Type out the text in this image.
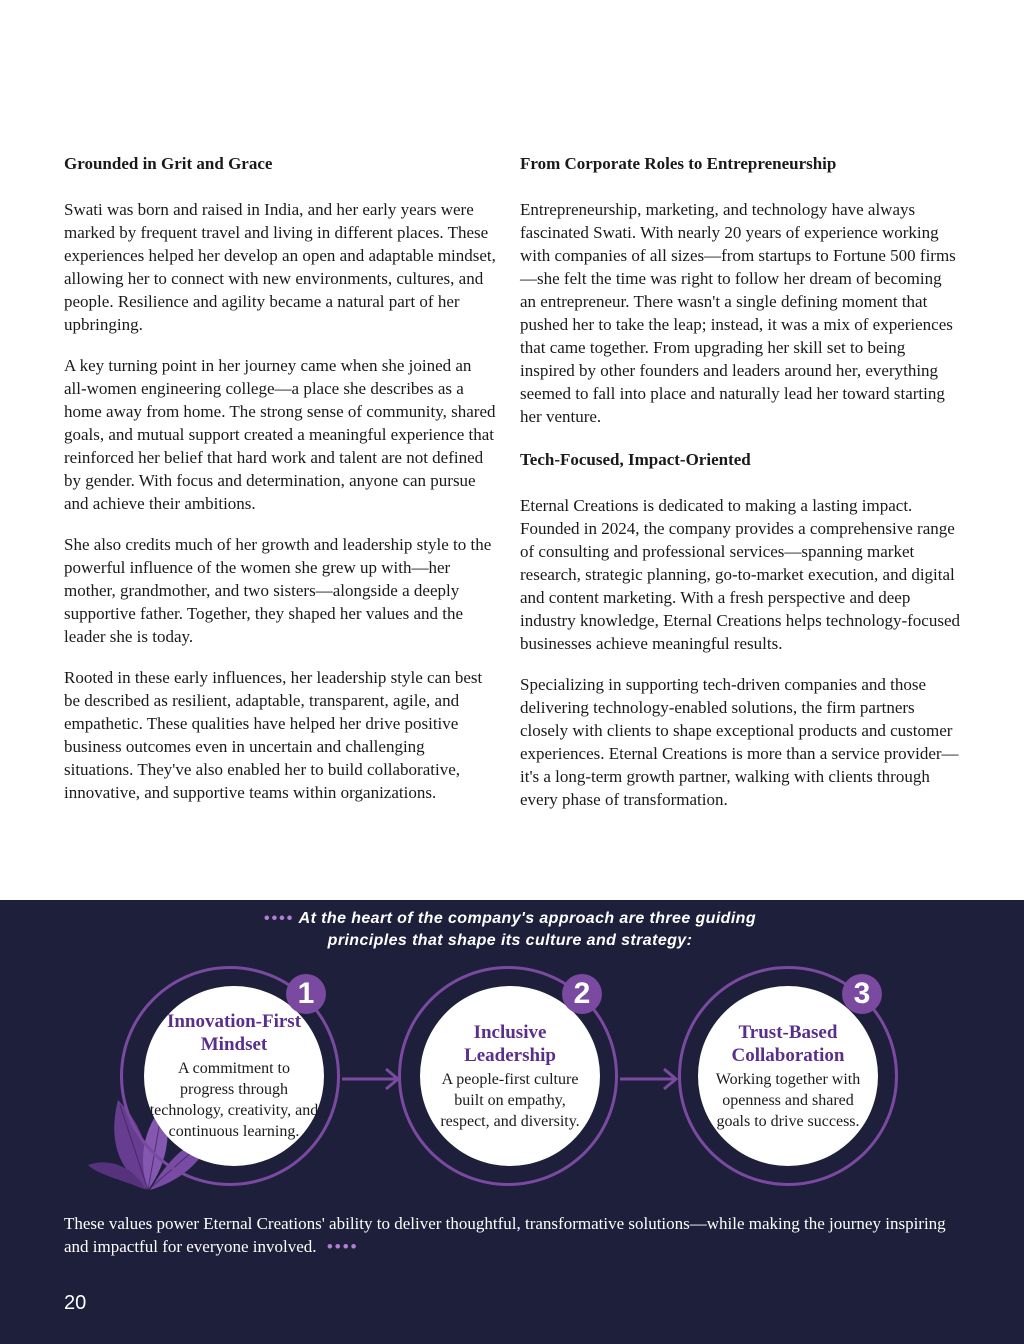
Grounded in Grit and Grace

Swati was born and raised in India, and her early years were marked by frequent travel and living in different places. These experiences helped her develop an open and adaptable mindset, allowing her to connect with new environments, cultures, and people. Resilience and agility became a natural part of her upbringing.

A key turning point in her journey came when she joined an all-women engineering college—a place she describes as a home away from home. The strong sense of community, shared goals, and mutual support created a meaningful experience that reinforced her belief that hard work and talent are not defined by gender. With focus and determination, anyone can pursue and achieve their ambitions.

She also credits much of her growth and leadership style to the powerful influence of the women she grew up with—her mother, grandmother, and two sisters—alongside a deeply supportive father. Together, they shaped her values and the leader she is today.

Rooted in these early influences, her leadership style can best be described as resilient, adaptable, transparent, agile, and empathetic. These qualities have helped her drive positive business outcomes even in uncertain and challenging situations. They've also enabled her to build collaborative, innovative, and supportive teams within organizations.

From Corporate Roles to Entrepreneurship

Entrepreneurship, marketing, and technology have always fascinated Swati. With nearly 20 years of experience working with companies of all sizes—from startups to Fortune 500 firms—she felt the time was right to follow her dream of becoming an entrepreneur. There wasn't a single defining moment that pushed her to take the leap; instead, it was a mix of experiences that came together. From upgrading her skill set to being inspired by other founders and leaders around her, everything seemed to fall into place and naturally lead her toward starting her venture.

Tech-Focused, Impact-Oriented

Eternal Creations is dedicated to making a lasting impact. Founded in 2024, the company provides a comprehensive range of consulting and professional services—spanning market research, strategic planning, go-to-market execution, and digital and content marketing. With a fresh perspective and deep industry knowledge, Eternal Creations helps technology-focused businesses achieve meaningful results.

Specializing in supporting tech-driven companies and those delivering technology-enabled solutions, the firm partners closely with clients to shape exceptional products and customer experiences. Eternal Creations is more than a service provider—it's a long-term growth partner, walking with clients through every phase of transformation.

•••• At the heart of the company's approach are three guiding
principles that shape its culture and strategy:
Innovation-First Mindset
A commitment to progress through technology, creativity, and continuous learning.
1
Inclusive Leadership
A people-first culture built on empathy, respect, and diversity.
2
Trust-Based Collaboration
Working together with openness and shared goals to drive success.
3
These values power Eternal Creations' ability to deliver thoughtful, transformative solutions—while making the journey inspiring and impactful for everyone involved. ••••
20
